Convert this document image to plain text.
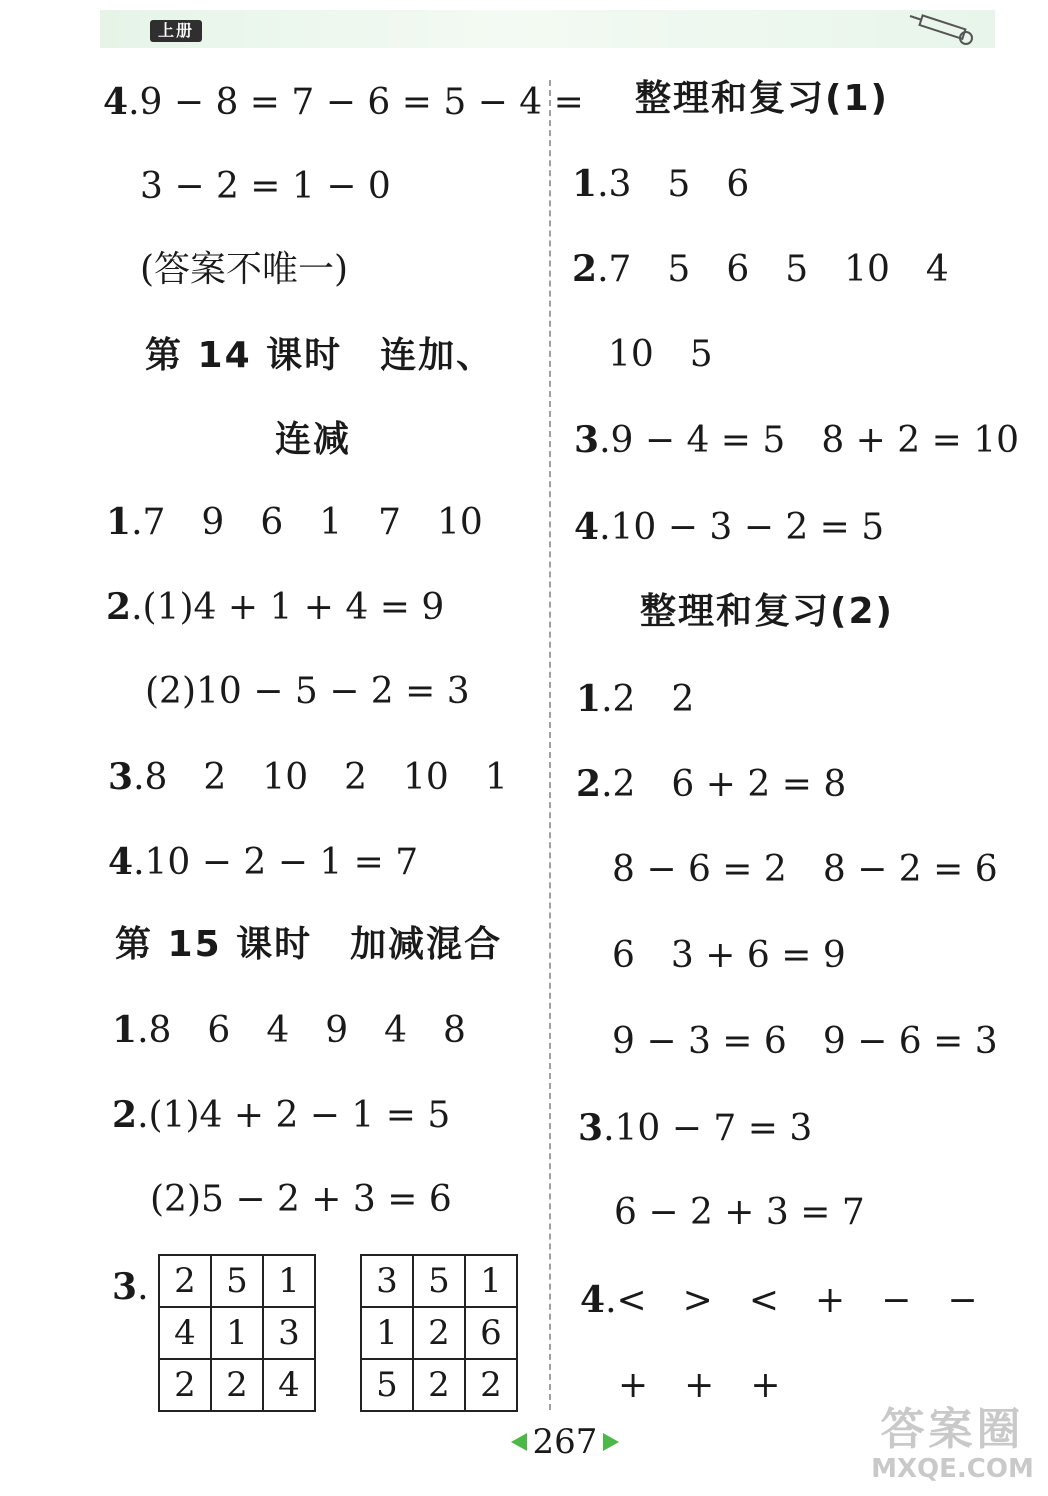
上册
4.9 − 8 = 7 − 6 = 5 − 4 =
3 − 2 = 1 − 0
(答案不唯一)
第 14 课时　连加、
连减
1.7　9　6　1　7　10
2.(1)4 + 1 + 4 = 9
(2)10 − 5 − 2 = 3
3.8　2　10　2　10　1
4.10 − 2 − 1 = 7
第 15 课时　加减混合
1.8　6　4　9　4　8
2.(1)4 + 2 − 1 = 5
(2)5 − 2 + 3 = 6
3. 2	5	1
4	1	3
2	2	4
3	5	1
1	2	6
5	2	2
整理和复习(1)
1.3　5　6
2.7　5　6　5　10　4
10　5
3.9 − 4 = 5　8 + 2 = 10
4.10 − 3 − 2 = 5
整理和复习(2)
1.2　2
2.2　6 + 2 = 8
8 − 6 = 2　8 − 2 = 6
6　3 + 6 = 9
9 − 3 = 6　9 − 6 = 3
3.10 − 7 = 3
6 − 2 + 3 = 7
4.<　>　<　+　−　−
+　+　+
267	答案圈
MXQE.COM
